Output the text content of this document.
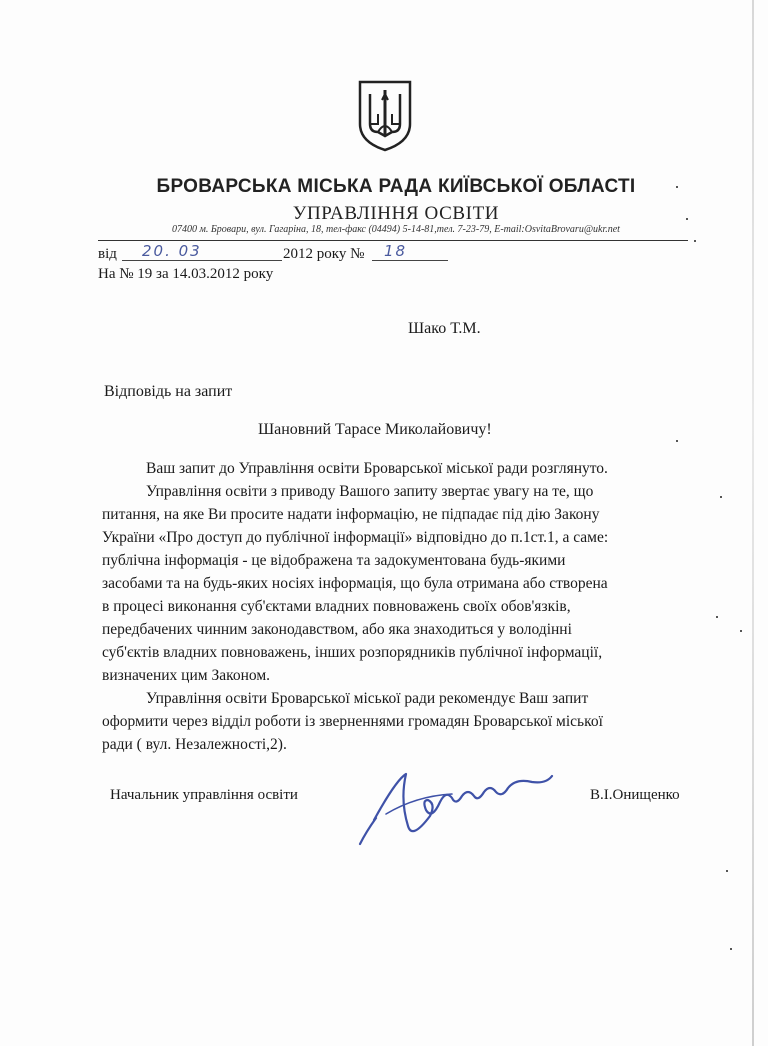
БРОВАРСЬКА МІСЬКА РАДА КИЇВСЬКОЇ ОБЛАСТІ
УПРАВЛІННЯ ОСВІТИ
07400 м. Бровари, вул. Гагаріна, 18, тел-факс (04494) 5-14-81,тел. 7-23-79, E-mail:OsvitaBrovaru@ukr.net
від 20. 03	2012 року № 18
На № 19 за 14.03.2012 року
Шако Т.М.
Відповідь на запит
Шановний Тарасе Миколайовичу!
Ваш запит до Управління освіти Броварської міської ради розглянуто.
Управління освіти з приводу Вашого запиту звертає увагу на те, що
питання, на яке Ви просите надати інформацію, не підпадає під дію Закону
України «Про доступ до публічної інформації» відповідно до п.1ст.1, а саме:
публічна інформація - це відображена та задокументована будь-якими
засобами та на будь-яких носіях інформація, що була отримана або створена
в процесі виконання суб'єктами владних повноважень своїх обов'язків,
передбачених чинним законодавством, або яка знаходиться у володінні
суб'єктів владних повноважень, інших розпорядників публічної інформації,
визначених цим Законом.
Управління освіти Броварської міської ради рекомендує Ваш запит
оформити через відділ роботи із зверненнями громадян Броварської міської
ради ( вул. Незалежності,2).
Начальник управління освіти	В.І.Онищенко
